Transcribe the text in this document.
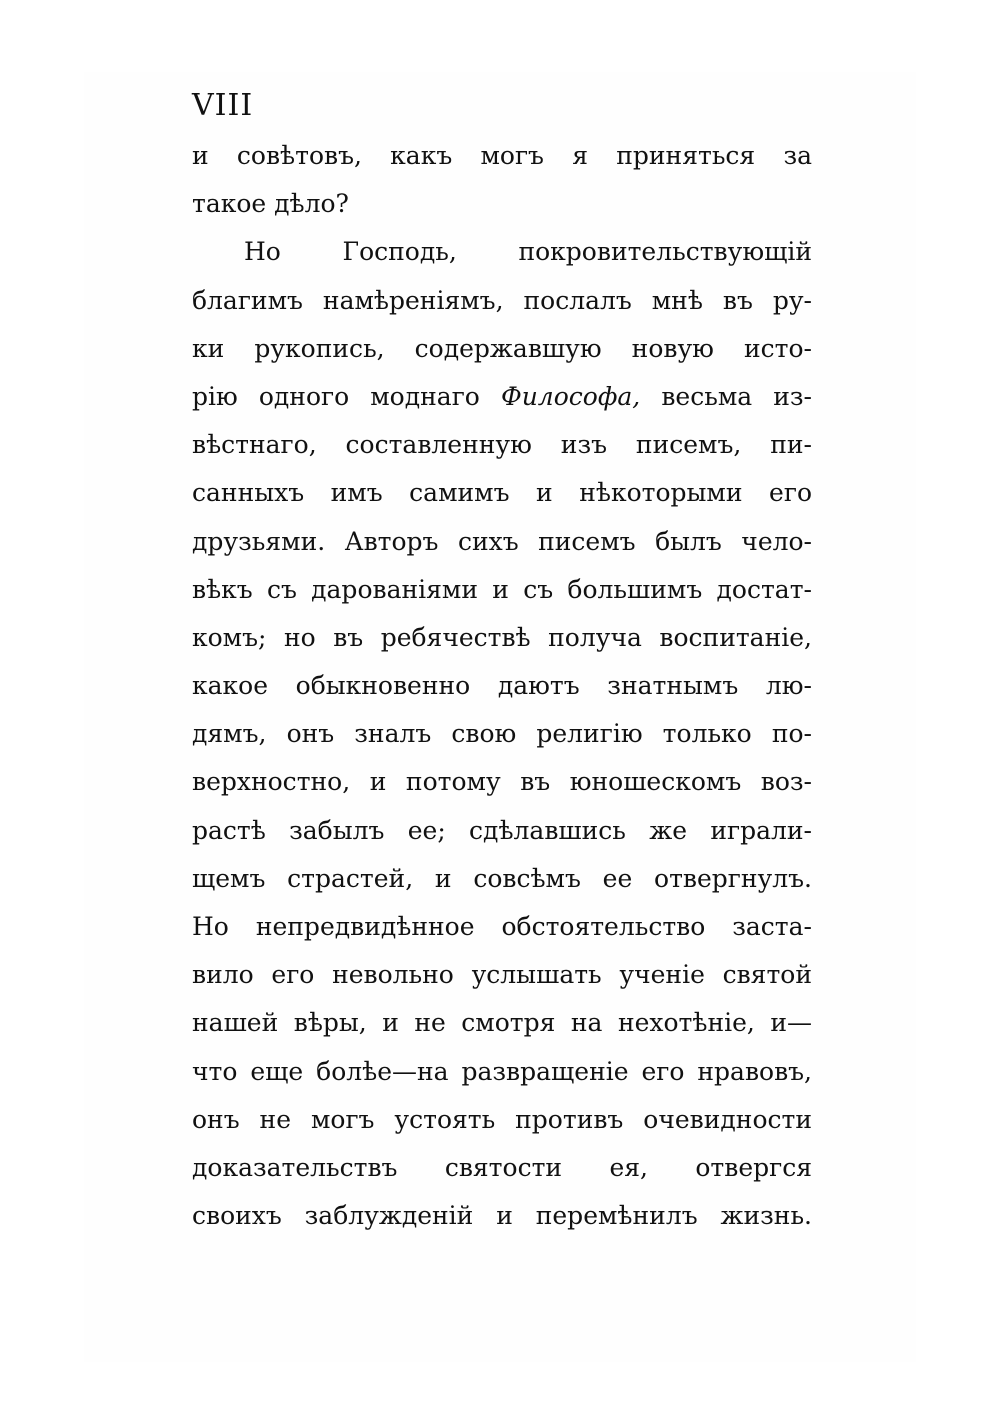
VIII
и совѣтовъ, какъ могъ я приняться за
такое дѣло?
Но Господь, покровительствующій
благимъ намѣреніямъ, послалъ мнѣ въ ру-
ки рукопись, содержавшую новую исто-
рію одного моднаго Философа, весьма из-
вѣстнаго, составленную изъ писемъ, пи-
санныхъ имъ самимъ и нѣкоторыми его
друзьями. Авторъ сихъ писемъ былъ чело-
вѣкъ съ дарованіями и съ большимъ достат-
комъ; но въ ребячествѣ получа воспитаніе,
какое обыкновенно даютъ знатнымъ лю-
дямъ, онъ зналъ свою религію только по-
верхностно, и потому въ юношескомъ воз-
растѣ забылъ ее; сдѣлавшись же играли-
щемъ страстей, и совсѣмъ ее отвергнулъ.
Но непредвидѣнное обстоятельство заста-
вило его невольно услышать ученіе святой
нашей вѣры, и не смотря на нехотѣніе, и—
что еще болѣе—на развращеніе его нравовъ,
онъ не могъ устоять противъ очевидности
доказательствъ святости ея, отвергся
своихъ заблужденій и перемѣнилъ жизнь.
